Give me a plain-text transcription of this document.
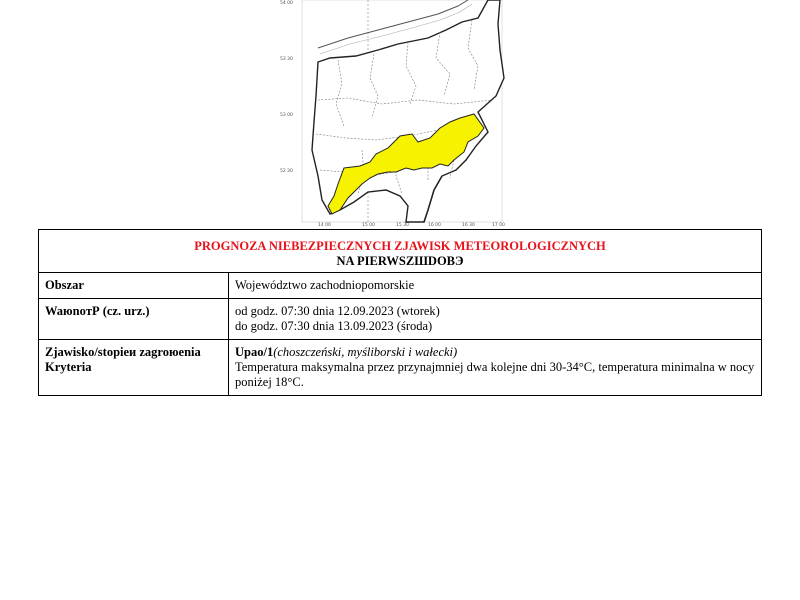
54 00
53 30
53 00
52 30
14 00	15 00	15 30	16 00	16 30	17 00
PROGNOZA NIEBEZPIECZNYCH ZJAWISK METEOROLOGICZNYCH
NA PIERWSZШDOBЭ	

Obszar	Województwo zachodniopomorskie
WaюnoтР (cz. urz.)	od godz. 07:30 dnia 12.09.2023 (wtorek)
do godz. 07:30 dnia 13.09.2023 (środa)

Zjawisko/stopieи zagroюenia
Kryteria	Upaо/1(choszczeński, myśliborski i wałecki)
Temperatura maksymalna przez przynajmniej dwa kolejne dni 30-34°C, temperatura minimalna w nocy poniżej 18°C.
